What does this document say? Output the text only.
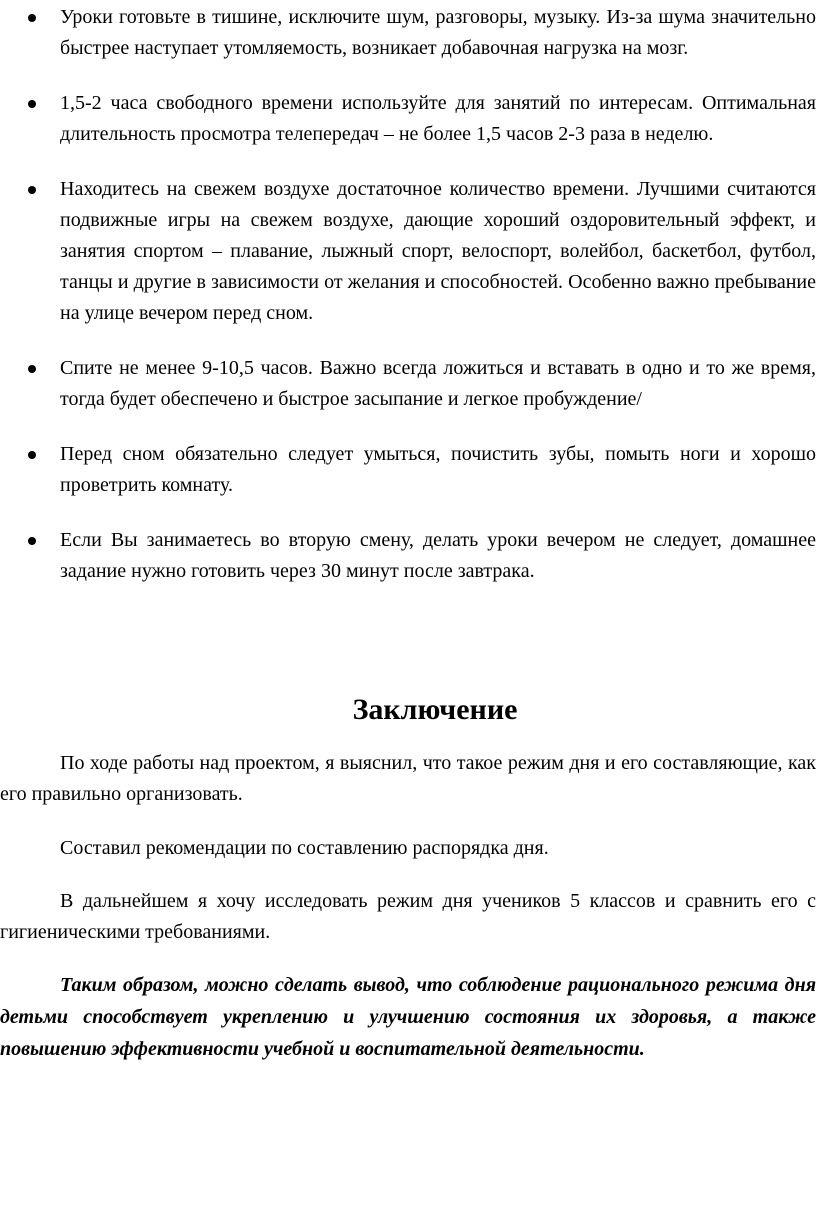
Уроки готовьте в тишине, исключите шум, разговоры, музыку. Из-за шума значительно быстрее наступает утомляемость, возникает добавочная нагрузка на мозг.
1,5-2 часа свободного времени используйте для занятий по интересам. Оптимальная длительность просмотра телепередач – не более 1,5 часов 2-3 раза в неделю.
Находитесь на свежем воздухе достаточное количество времени. Лучшими считаются подвижные игры на свежем воздухе, дающие хороший оздоровительный эффект, и занятия спортом – плавание, лыжный спорт, велоспорт, волейбол, баскетбол, футбол, танцы и другие в зависимости от желания и способностей. Особенно важно пребывание на улице вечером перед сном.
Спите не менее 9-10,5 часов. Важно всегда ложиться и вставать в одно и то же время, тогда будет обеспечено и быстрое засыпание и легкое пробуждение/
Перед сном обязательно следует умыться, почистить зубы, помыть ноги и хорошо проветрить комнату.
Если Вы занимаетесь во вторую смену, делать уроки вечером не следует, домашнее задание нужно готовить через 30 минут после завтрака.
Заключение

По ходе работы над проектом, я выяснил, что такое режим дня и его составляющие, как его правильно организовать.

Составил рекомендации по составлению распорядка дня.

В дальнейшем я хочу исследовать режим дня учеников 5 классов и сравнить его с гигиеническими требованиями.

Таким образом, можно сделать вывод, что соблюдение рационального режима дня детьми способствует укреплению и улучшению состояния их здоровья, а также повышению эффективности учебной и воспитательной деятельности.
